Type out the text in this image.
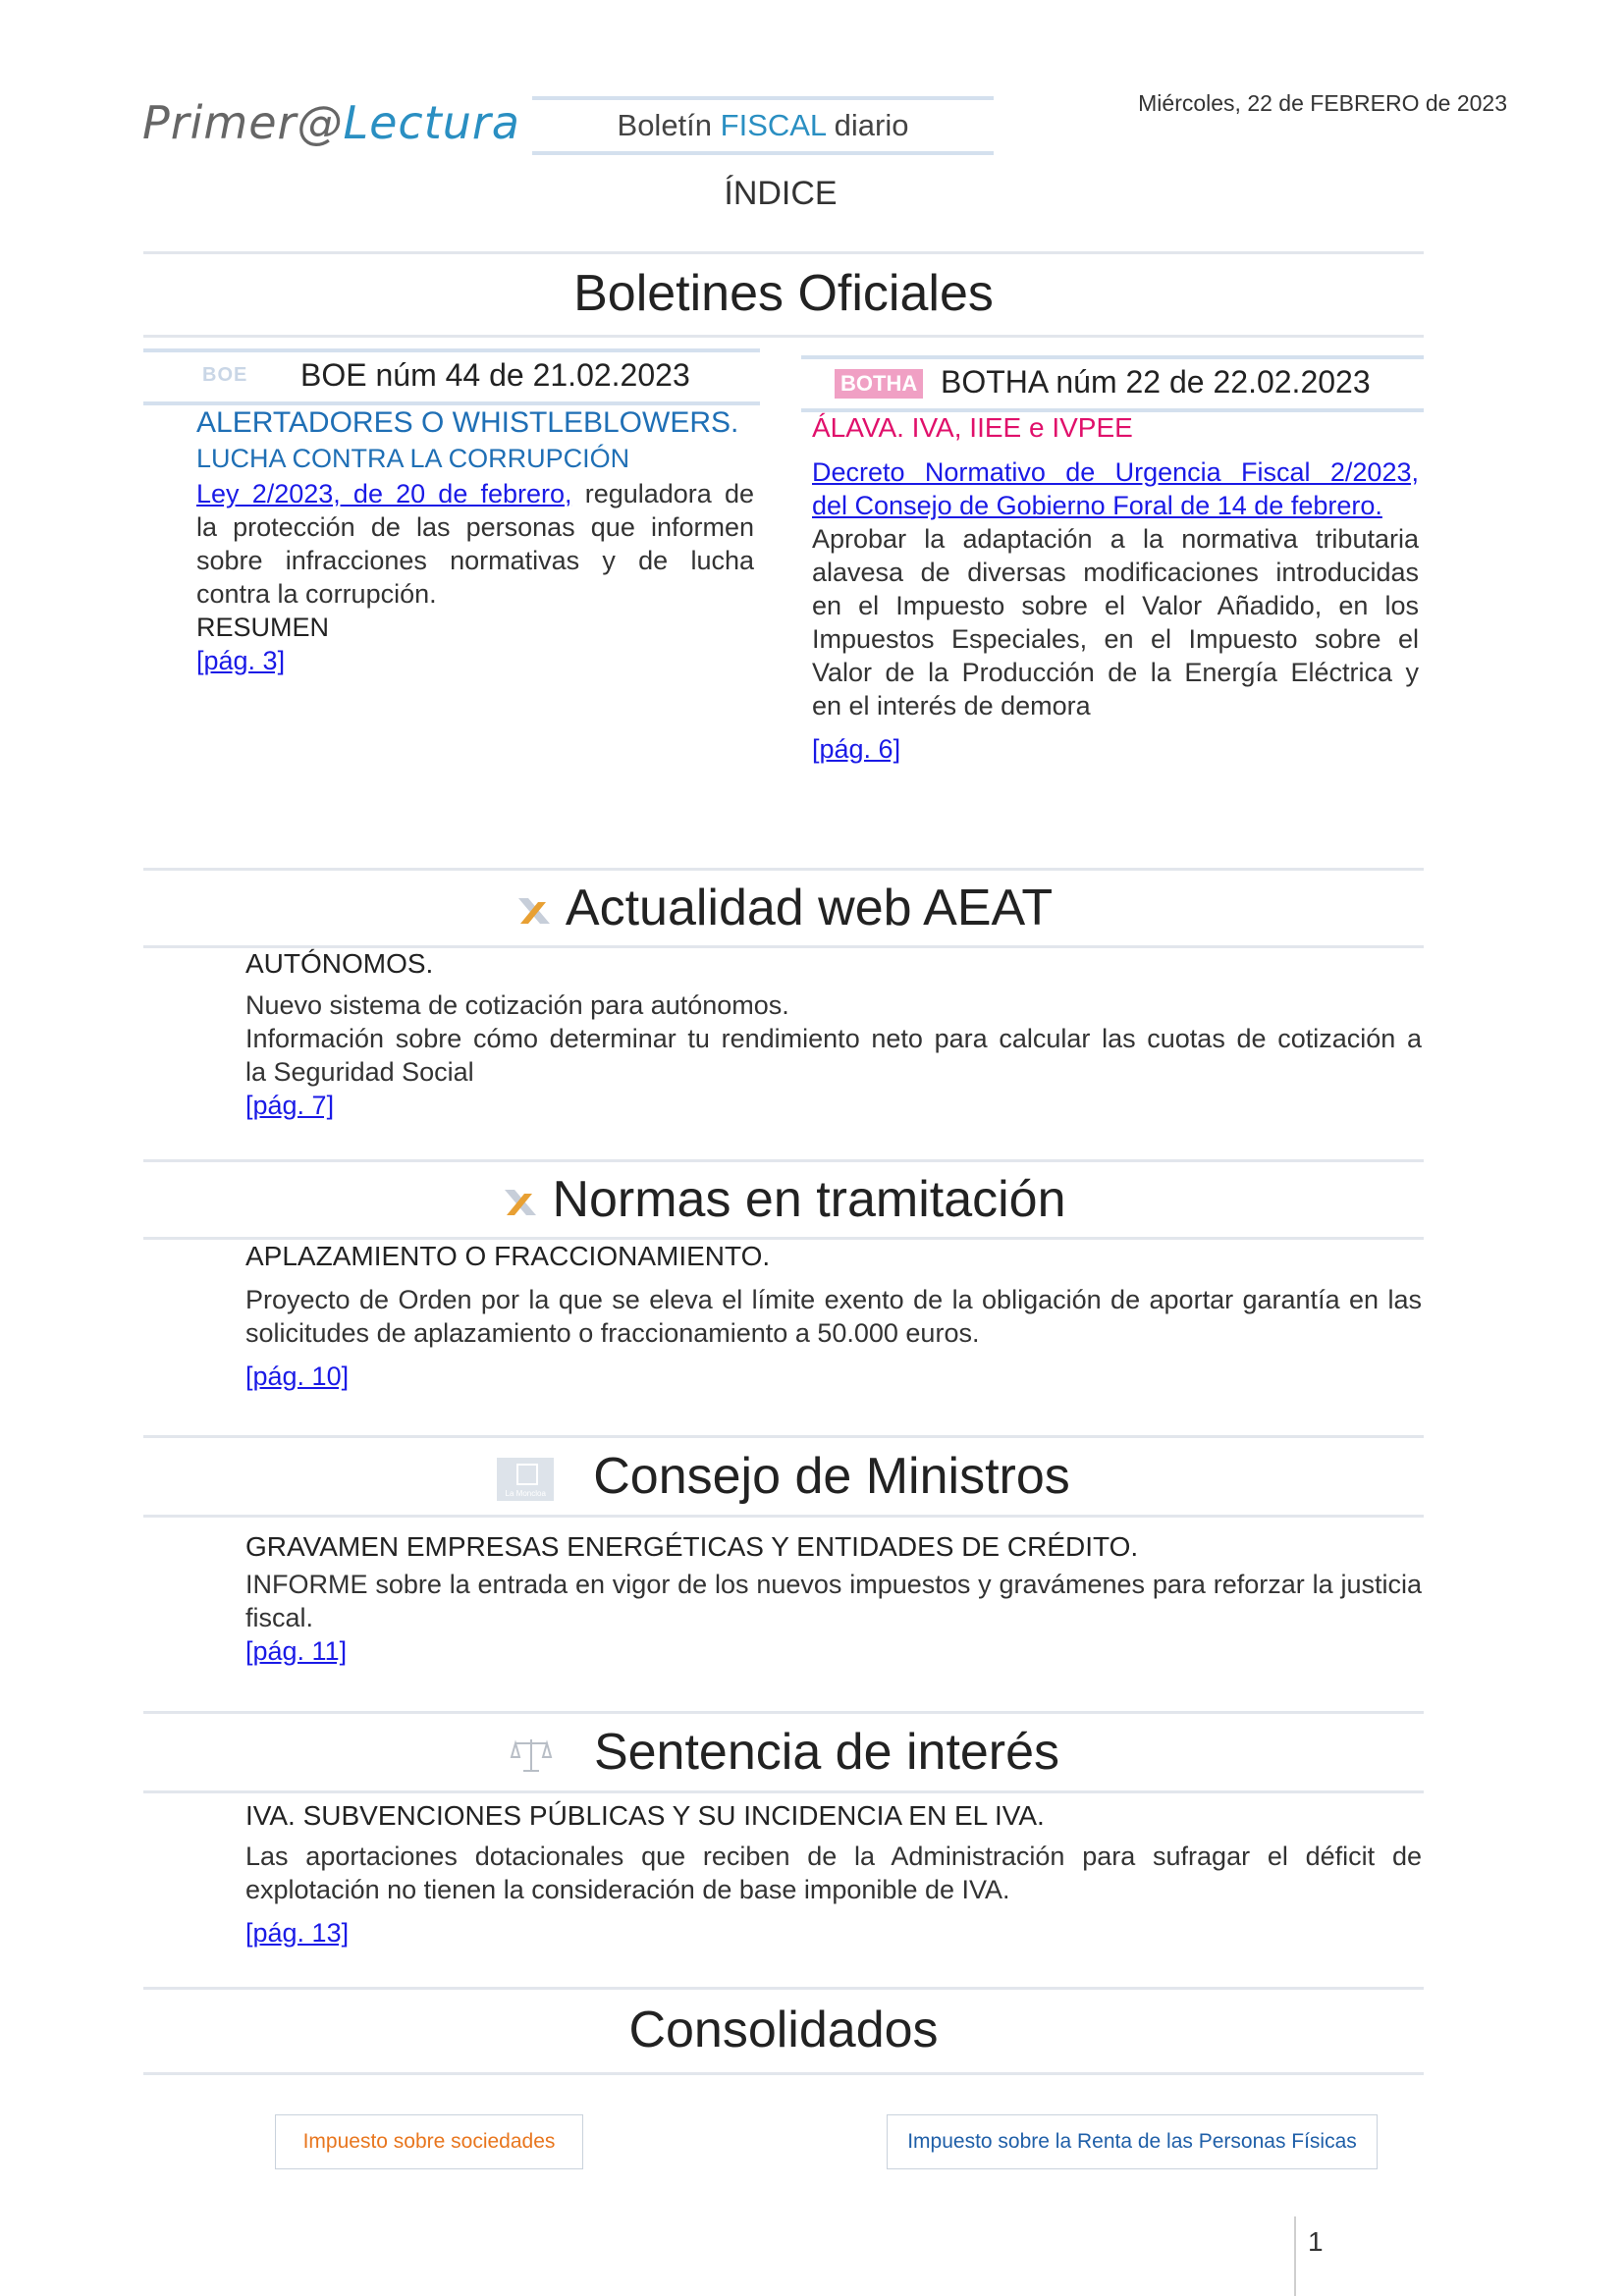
Primer@Lectura	Boletín FISCAL diario
Miércoles, 22 de FEBRERO de 2023
ÍNDICE
Boletines Oficiales
BOE BOE núm 44 de 21.02.2023
ALERTADORES O WHISTLEBLOWERS.
LUCHA CONTRA LA CORRUPCIÓN
Ley 2/2023, de 20 de febrero, reguladora de
la protección de las personas que informen
sobre infracciones normativas y de lucha
contra la corrupción.
RESUMEN
[pág. 3]
BOTHA BOTHA núm 22 de 22.02.2023
ÁLAVA. IVA, IIEE e IVPEE
Decreto Normativo de Urgencia Fiscal 2/2023,
del Consejo de Gobierno Foral de 14 de febrero.
Aprobar la adaptación a la normativa tributaria
alavesa de diversas modificaciones introducidas
en el Impuesto sobre el Valor Añadido, en los
Impuestos Especiales, en el Impuesto sobre el
Valor de la Producción de la Energía Eléctrica y
en el interés de demora
[pág. 6]
Actualidad web AEAT
AUTÓNOMOS.
Nuevo sistema de cotización para autónomos.
Información sobre cómo determinar tu rendimiento neto para calcular las cuotas de cotización a
la Seguridad Social
[pág. 7]
Normas en tramitación
APLAZAMIENTO O FRACCIONAMIENTO.
Proyecto de Orden por la que se eleva el límite exento de la obligación de aportar garantía en las
solicitudes de aplazamiento o fraccionamiento a 50.000 euros.
[pág. 10]
La Moncloa Consejo de Ministros
GRAVAMEN EMPRESAS ENERGÉTICAS Y ENTIDADES DE CRÉDITO.
INFORME sobre la entrada en vigor de los nuevos impuestos y gravámenes para reforzar la justicia
fiscal.
[pág. 11]
Sentencia de interés
IVA. SUBVENCIONES PÚBLICAS Y SU INCIDENCIA EN EL IVA.
Las aportaciones dotacionales que reciben de la Administración para sufragar el déficit de
explotación no tienen la consideración de base imponible de IVA.
[pág. 13]
Consolidados
Impuesto sobre sociedades	Impuesto sobre la Renta de las Personas Físicas
1
